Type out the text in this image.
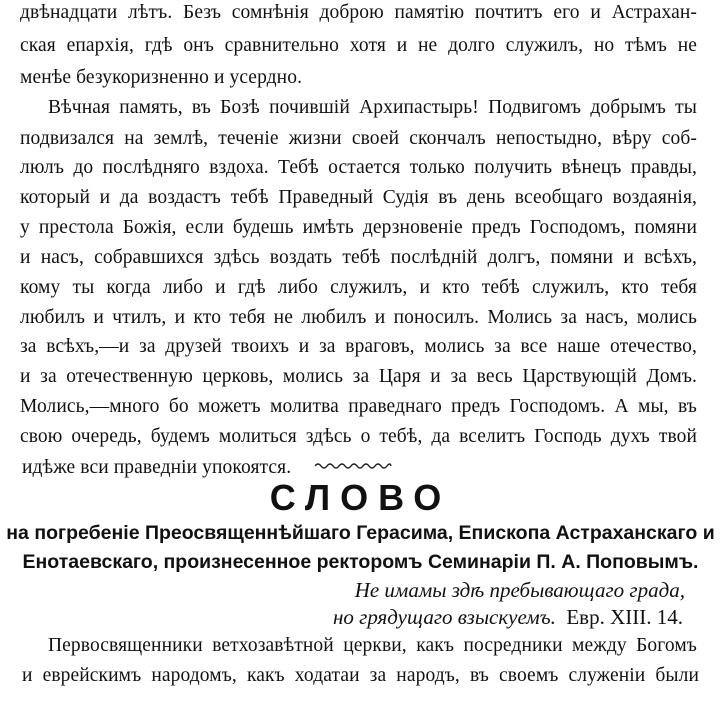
двѣнадцати лѣтъ. Безъ сомнѣнія доброю памятію почтитъ его и Астрахан-
ская епархія, гдѣ онъ сравнительно хотя и не долго служилъ, но тѣмъ не
менѣе безукоризненно и усердно.
Вѣчная память, въ Бозѣ почившій Архипастырь! Подвигомъ добрымъ ты
подвизался на землѣ, теченіе жизни своей скончалъ непостыдно, вѣру соб-
люлъ до послѣдняго вздоха. Тебѣ остается только получить вѣнецъ правды,
который и да воздастъ тебѣ Праведный Судія въ день всеобщаго воздаянія,
у престола Божія, если будешь имѣть дерзновеніе предъ Господомъ, помяни
и насъ, собравшихся здѣсь воздать тебѣ послѣдній долгъ, помяни и всѣхъ,
кому ты когда либо и гдѣ либо служилъ, и кто тебѣ служилъ, кто тебя
любилъ и чтилъ, и кто тебя не любилъ и поносилъ. Молись за насъ, молись
за всѣхъ,—и за друзей твоихъ и за враговъ, молись за все наше отечество,
и за отечественную церковь, молись за Царя и за весь Царствующій Домъ.
Молись,—много бо можетъ молитва праведнаго предъ Господомъ. А мы, въ
свою очередь, будемъ молиться здѣсь о тебѣ, да вселитъ Господь духъ твой
идѣже вси праведніи упокоятся.
СЛОВО
на погребеніе Преосвященнѣйшаго Герасима, Епископа Астраханскаго и
Енотаевскаго, произнесенное ректоромъ Семинаріи П. А. Поповымъ.
Не имамы здѣ пребывающаго града,
но грядущаго взыскуемъ. Евр. XIII. 14.
Первосвященники ветхозавѣтной церкви, какъ посредники между Богомъ
и еврейскимъ народомъ, какъ ходатаи за народъ, въ своемъ служеніи были
